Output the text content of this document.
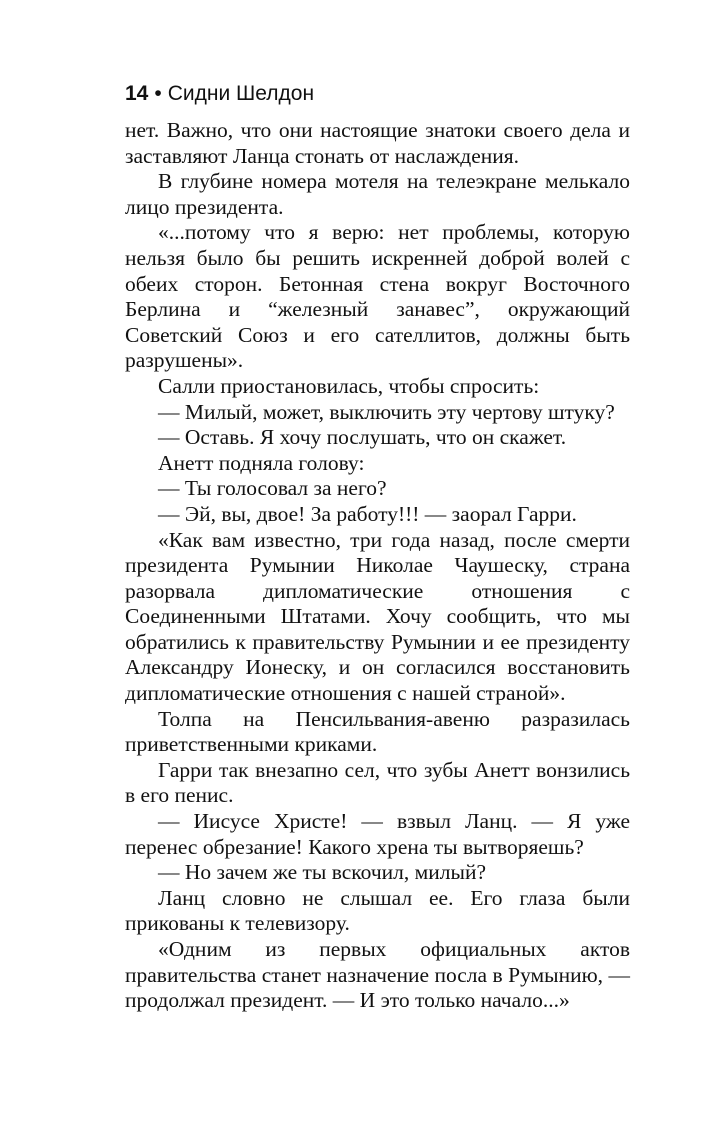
14 • Сидни Шелдон

нет. Важно, что они настоящие знатоки своего дела и заставляют Ланца стонать от наслаждения.

В глубине номера мотеля на телеэкране мелькало лицо президента.

«...потому что я верю: нет проблемы, которую нельзя было бы решить искренней доброй волей с обеих сторон. Бетонная стена вокруг Восточного Берлина и “железный занавес”, окружающий Советский Союз и его сателлитов, должны быть разрушены».

Салли приостановилась, чтобы спросить:

— Милый, может, выключить эту чертову штуку?

— Оставь. Я хочу послушать, что он скажет.

Анетт подняла голову:

— Ты голосовал за него?

— Эй, вы, двое! За работу!!! — заорал Гарри.

«Как вам известно, три года назад, после смерти президента Румынии Николае Чаушеску, страна разорвала дипломатические отношения с Соединенными Штатами. Хочу сообщить, что мы обратились к правительству Румынии и ее президенту Александру Ионеску, и он согласился восстановить дипломатические отношения с нашей страной».

Толпа на Пенсильвания-авеню разразилась приветственными криками.

Гарри так внезапно сел, что зубы Анетт вонзились в его пенис.

— Иисусе Христе! — взвыл Ланц. — Я уже перенес обрезание! Какого хрена ты вытворяешь?

— Но зачем же ты вскочил, милый?

Ланц словно не слышал ее. Его глаза были прикованы к телевизору.

«Одним из первых официальных актов правительства станет назначение посла в Румынию, — продолжал президент. — И это только начало...»
